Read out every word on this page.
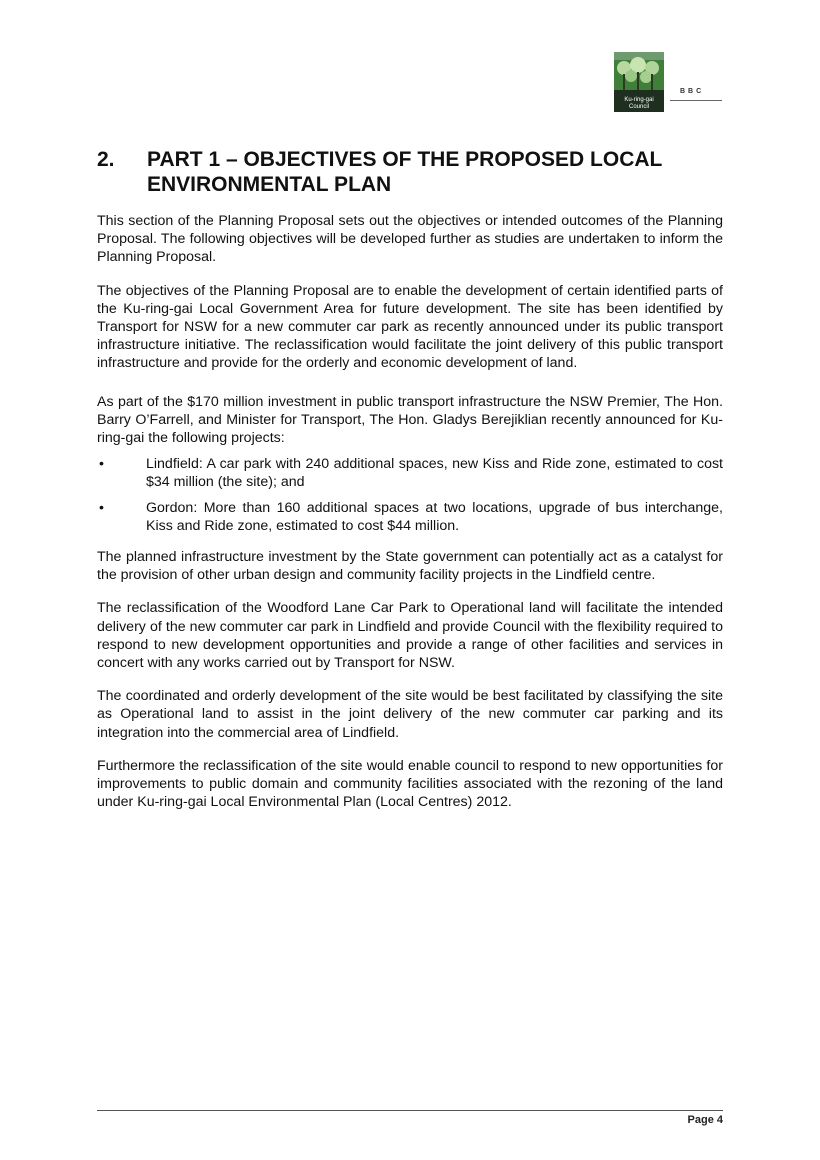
Ku-ring-gai
Council
BBC
2. PART 1 – OBJECTIVES OF THE PROPOSED LOCAL ENVIRONMENTAL PLAN

This section of the Planning Proposal sets out the objectives or intended outcomes of the Planning Proposal. The following objectives will be developed further as studies are undertaken to inform the Planning Proposal.

The objectives of the Planning Proposal are to enable the development of certain identified parts of the Ku-ring-gai Local Government Area for future development. The site has been identified by Transport for NSW for a new commuter car park as recently announced under its public transport infrastructure initiative. The reclassification would facilitate the joint delivery of this public transport infrastructure and provide for the orderly and economic development of land.

As part of the $170 million investment in public transport infrastructure the NSW Premier, The Hon. Barry O’Farrell, and Minister for Transport, The Hon. Gladys Berejiklian recently announced for Ku-ring-gai the following projects:

•	Lindfield: A car park with 240 additional spaces, new Kiss and Ride zone, estimated to cost $34 million (the site); and
•	Gordon: More than 160 additional spaces at two locations, upgrade of bus interchange, Kiss and Ride zone, estimated to cost $44 million.

The planned infrastructure investment by the State government can potentially act as a catalyst for the provision of other urban design and community facility projects in the Lindfield centre.

The reclassification of the Woodford Lane Car Park to Operational land will facilitate the intended delivery of the new commuter car park in Lindfield and provide Council with the flexibility required to respond to new development opportunities and provide a range of other facilities and services in concert with any works carried out by Transport for NSW.

The coordinated and orderly development of the site would be best facilitated by classifying the site as Operational land to assist in the joint delivery of the new commuter car parking and its integration into the commercial area of Lindfield.

Furthermore the reclassification of the site would enable council to respond to new opportunities for improvements to public domain and community facilities associated with the rezoning of the land under Ku-ring-gai Local Environmental Plan (Local Centres) 2012.

Page 4
